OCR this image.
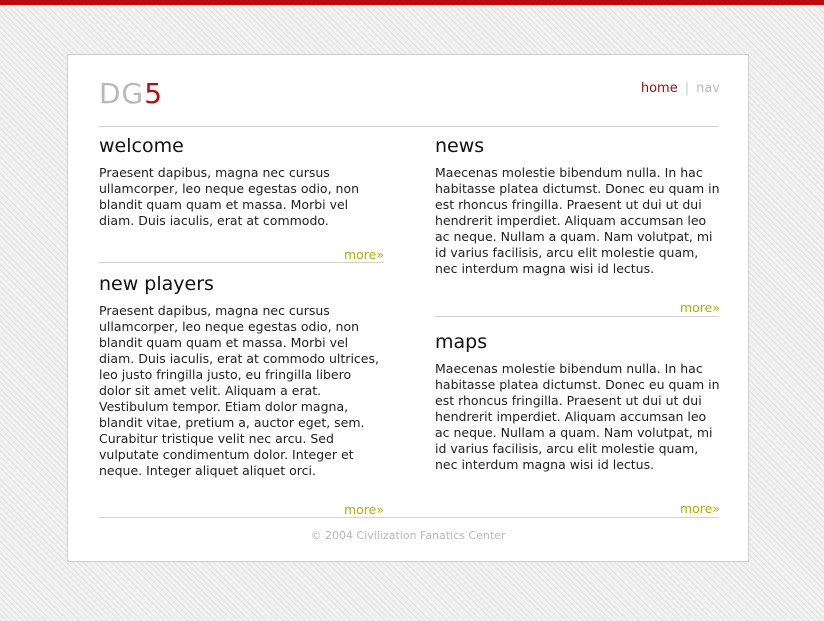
DG5	home | nav
welcome

Praesent dapibus, magna nec cursus ullamcorper, leo neque egestas odio, non blandit quam quam et massa. Morbi vel diam. Duis iaculis, erat at commodo.

more»
new players

Praesent dapibus, magna nec cursus ullamcorper, leo neque egestas odio, non blandit quam quam et massa. Morbi vel diam. Duis iaculis, erat at commodo ultrices, leo justo fringilla justo, eu fringilla libero dolor sit amet velit. Aliquam a erat. Vestibulum tempor. Etiam dolor magna, blandit vitae, pretium a, auctor eget, sem. Curabitur tristique velit nec arcu. Sed vulputate condimentum dolor. Integer et neque. Integer aliquet aliquet orci.

more»
news

Maecenas molestie bibendum nulla. In hac habitasse platea dictumst. Donec eu quam in est rhoncus fringilla. Praesent ut dui ut dui hendrerit imperdiet. Aliquam accumsan leo ac neque. Nullam a quam. Nam volutpat, mi id varius facilisis, arcu elit molestie quam, nec interdum magna wisi id lectus.

more»
maps

Maecenas molestie bibendum nulla. In hac habitasse platea dictumst. Donec eu quam in est rhoncus fringilla. Praesent ut dui ut dui hendrerit imperdiet. Aliquam accumsan leo ac neque. Nullam a quam. Nam volutpat, mi id varius facilisis, arcu elit molestie quam, nec interdum magna wisi id lectus.

more»
© 2004 Civilization Fanatics Center
